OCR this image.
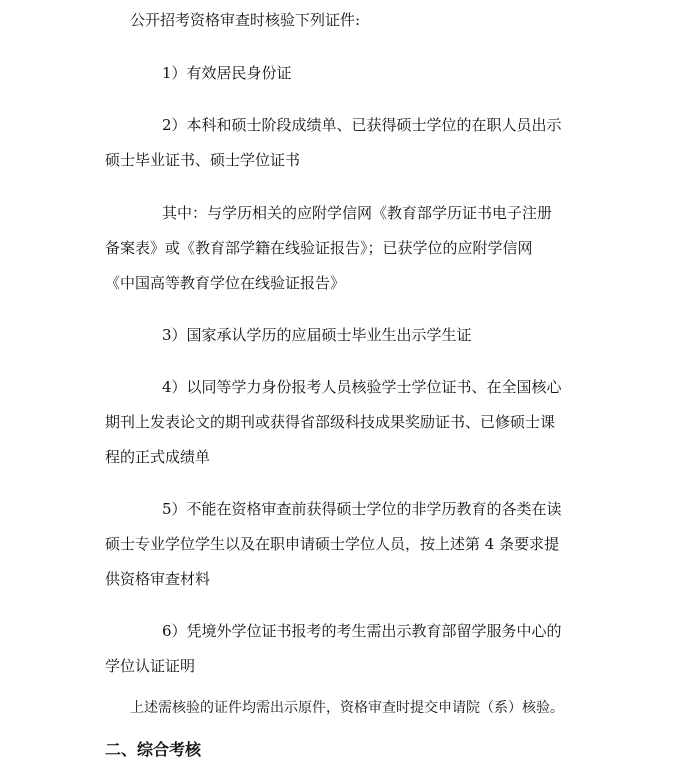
公开招考资格审查时核验下列证件:

1）有效居民身份证

2）本科和硕士阶段成绩单、已获得硕士学位的在职人员出示

硕士毕业证书、硕士学位证书

其中：与学历相关的应附学信网《教育部学历证书电子注册

备案表》或《教育部学籍在线验证报告》；已获学位的应附学信网

《中国高等教育学位在线验证报告》

3）国家承认学历的应届硕士毕业生出示学生证

4）以同等学力身份报考人员核验学士学位证书、在全国核心

期刊上发表论文的期刊或获得省部级科技成果奖励证书、已修硕士课

程的正式成绩单

5）不能在资格审查前获得硕士学位的非学历教育的各类在读

硕士专业学位学生以及在职申请硕士学位人员，按上述第 4 条要求提

供资格审查材料

6）凭境外学位证书报考的考生需出示教育部留学服务中心的

学位认证证明

上述需核验的证件均需出示原件，资格审查时提交申请院（系）核验。

二、综合考核
